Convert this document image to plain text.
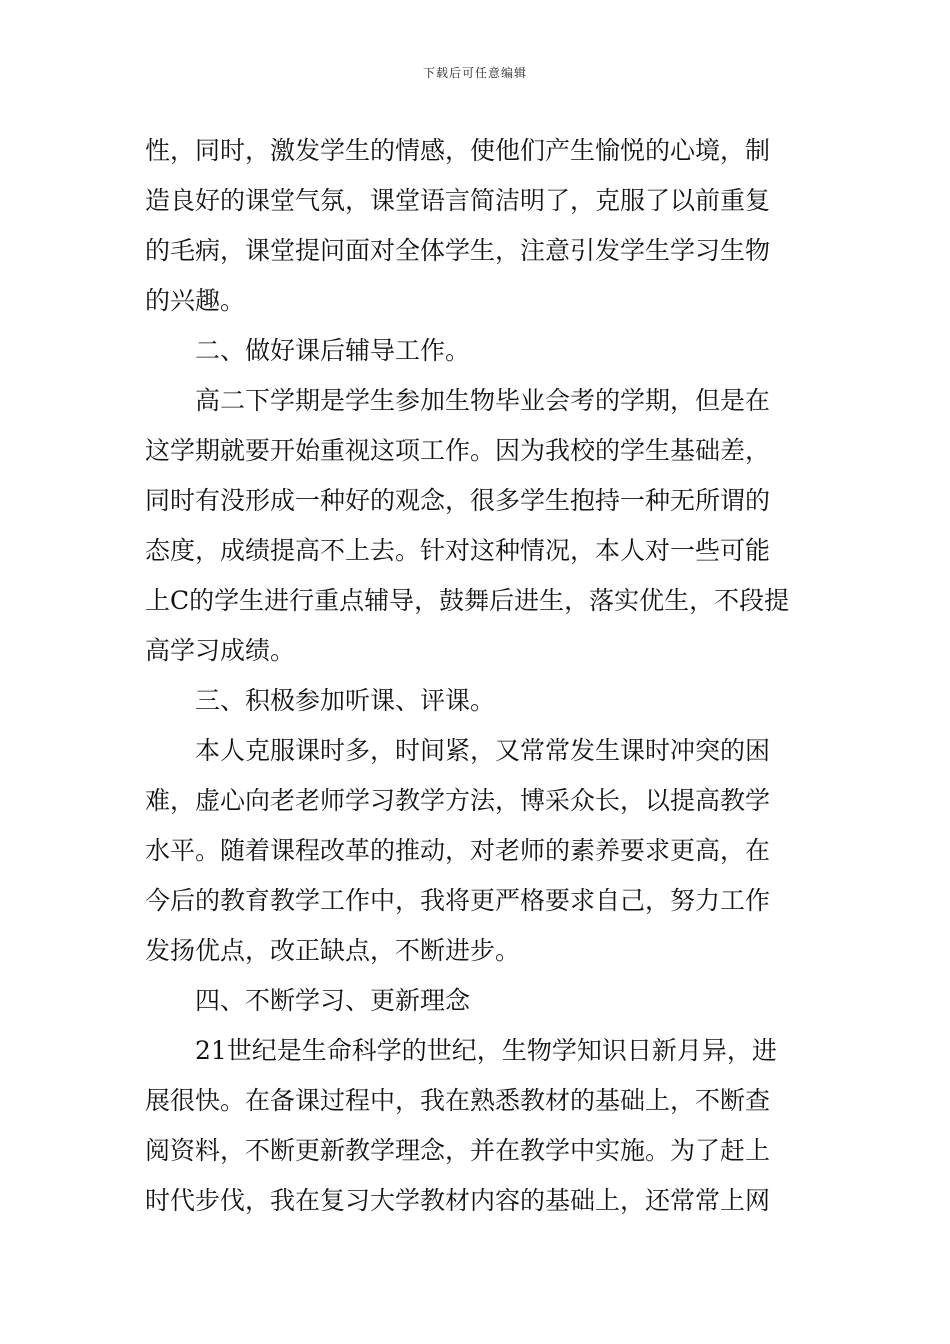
下载后可任意编辑
性，同时，激发学生的情感，使他们产生愉悦的心境，制
造良好的课堂气氛，课堂语言简洁明了，克服了以前重复
的毛病，课堂提问面对全体学生，注意引发学生学习生物
的兴趣。
二、做好课后辅导工作。
高二下学期是学生参加生物毕业会考的学期，但是在
这学期就要开始重视这项工作。因为我校的学生基础差，
同时有没形成一种好的观念，很多学生抱持一种无所谓的
态度，成绩提高不上去。针对这种情况，本人对一些可能
上C的学生进行重点辅导，鼓舞后进生，落实优生，不段提
高学习成绩。
三、积极参加听课、评课。
本人克服课时多，时间紧，又常常发生课时冲突的困
难，虚心向老老师学习教学方法，博采众长，以提高教学
水平。随着课程改革的推动，对老师的素养要求更高，在
今后的教育教学工作中，我将更严格要求自己，努力工作
发扬优点，改正缺点，不断进步。
四、不断学习、更新理念
21世纪是生命科学的世纪，生物学知识日新月异，进
展很快。在备课过程中，我在熟悉教材的基础上，不断查
阅资料，不断更新教学理念，并在教学中实施。为了赶上
时代步伐，我在复习大学教材内容的基础上，还常常上网
